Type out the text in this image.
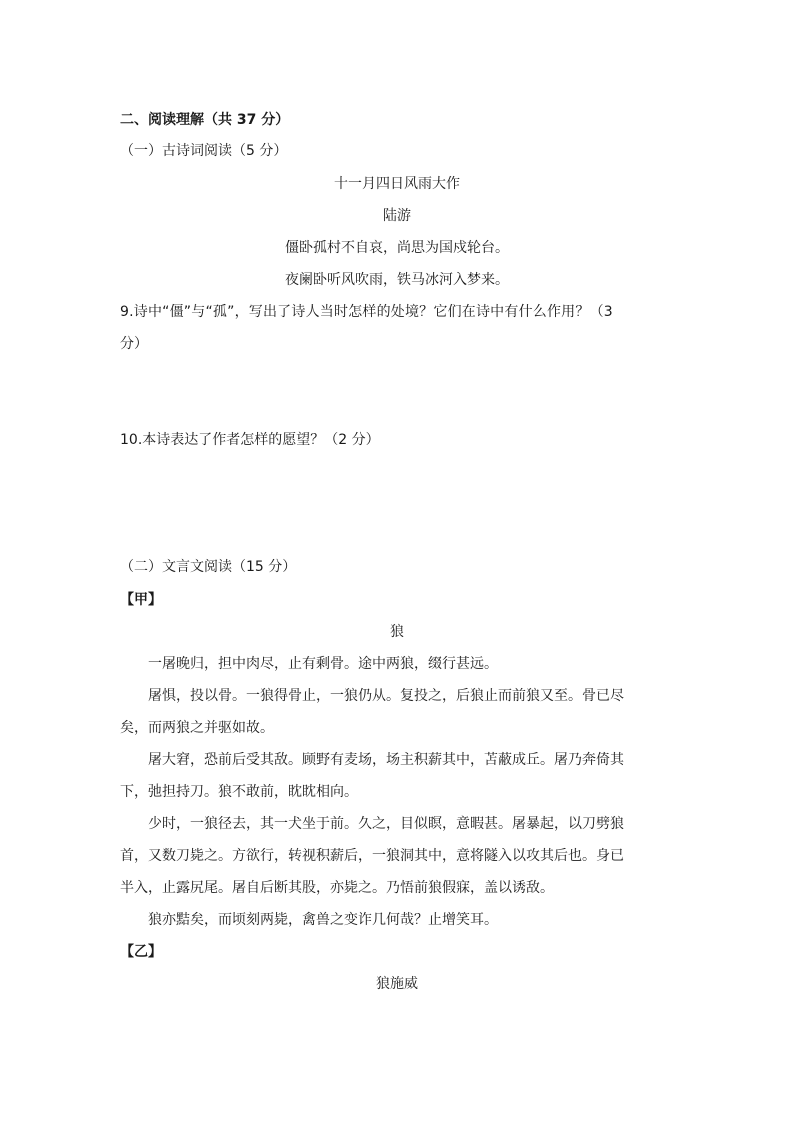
二、阅读理解（共 37 分）
（一）古诗词阅读（5 分）
十一月四日风雨大作
陆游
僵卧孤村不自哀，尚思为国戍轮台。
夜阑卧听风吹雨，铁马冰河入梦来。
9.诗中“僵”与“孤”，写出了诗人当时怎样的处境？它们在诗中有什么作用？（3
分）
10.本诗表达了作者怎样的愿望？（2 分）
（二）文言文阅读（15 分）
【甲】
狼
一屠晚归，担中肉尽，止有剩骨。途中两狼，缀行甚远。
屠惧，投以骨。一狼得骨止，一狼仍从。复投之，后狼止而前狼又至。骨已尽
矣，而两狼之并驱如故。
屠大窘，恐前后受其敌。顾野有麦场，场主积薪其中，苫蔽成丘。屠乃奔倚其
下，弛担持刀。狼不敢前，眈眈相向。
少时，一狼径去，其一犬坐于前。久之，目似瞑，意暇甚。屠暴起，以刀劈狼
首，又数刀毙之。方欲行，转视积薪后，一狼洞其中，意将隧入以攻其后也。身已
半入，止露尻尾。屠自后断其股，亦毙之。乃悟前狼假寐，盖以诱敌。
狼亦黠矣，而顷刻两毙，禽兽之变诈几何哉？止增笑耳。
【乙】
狼施威
